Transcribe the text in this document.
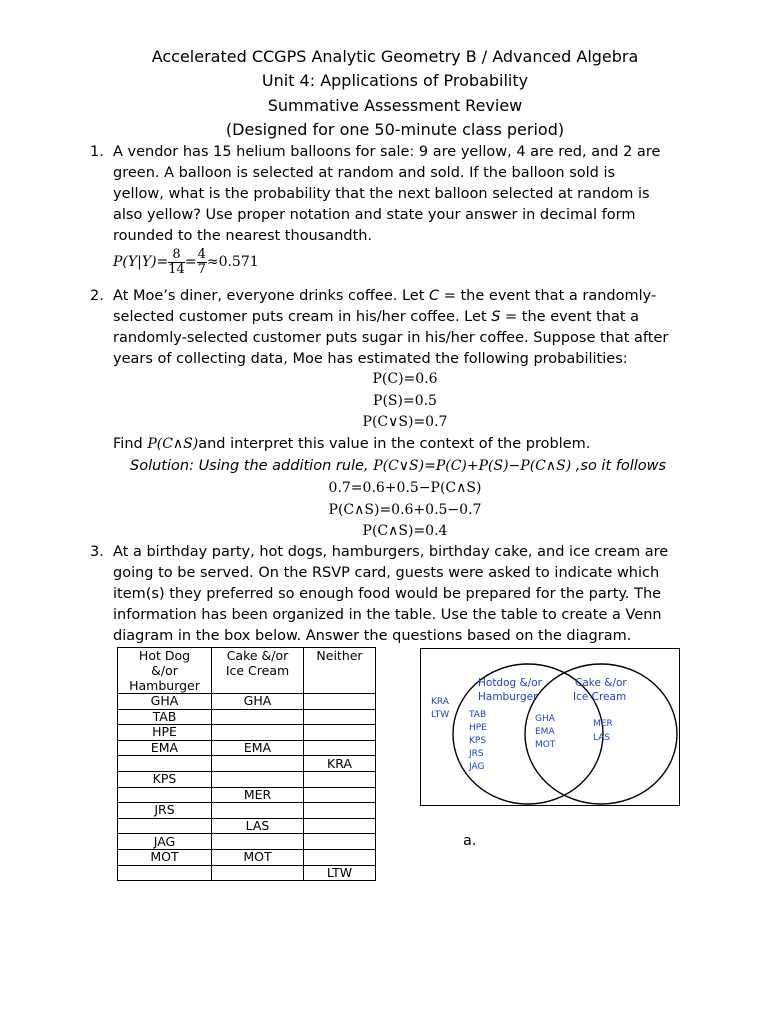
Accelerated CCGPS Analytic Geometry B / Advanced Algebra
Unit 4: Applications of Probability
Summative Assessment Review
(Designed for one 50-minute class period)
1. A vendor has 15 helium balloons for sale: 9 are yellow, 4 are red, and 2 are
green. A balloon is selected at random and sold. If the balloon sold is
yellow, what is the probability that the next balloon selected at random is
also yellow? Use proper notation and state your answer in decimal form
rounded to the nearest thousandth.
$P(Y|Y)= \frac{8}{14} = \frac{4}{7} \approx 0.571$
2. At Moe’s diner, everyone drinks coffee. Let C = the event that a randomly-
selected customer puts cream in his/her coffee. Let S = the event that a
randomly-selected customer puts sugar in his/her coffee. Suppose that after
years of collecting data, Moe has estimated the following probabilities:
P(C)=0.6
P(S)=0.5
P(C∨S)=0.7
Find P(C∧S)and interpret this value in the context of the problem.
Solution: Using the addition rule, P(C∨S)=P(C)+P(S)−P(C∧S) ,so it follows
0.7=0.6+0.5−P(C∧S)
P(C∧S)=0.6+0.5−0.7
P(C∧S)=0.4
3. At a birthday party, hot dogs, hamburgers, birthday cake, and ice cream are
going to be served. On the RSVP card, guests were asked to indicate which
item(s) they preferred so enough food would be prepared for the party. The
information has been organized in the table. Use the table to create a Venn
diagram in the box below. Answer the questions based on the diagram.
Hot Dog
&/or
Hamburger	Cake &/or
Ice Cream	Neither
GHA	GHA	
TAB		
HPE		
EMA	EMA	
		KRA
KPS		
	MER	
JRS		
	LAS	
JAG		
MOT	MOT	
		LTW
Hotdog &/or
Hamburger
Cake &/or
Ice Cream
KRA
LTW TAB
HPE
KPS
JRS
JAG
GHA
EMA
MOT
MER
LAS
a.
